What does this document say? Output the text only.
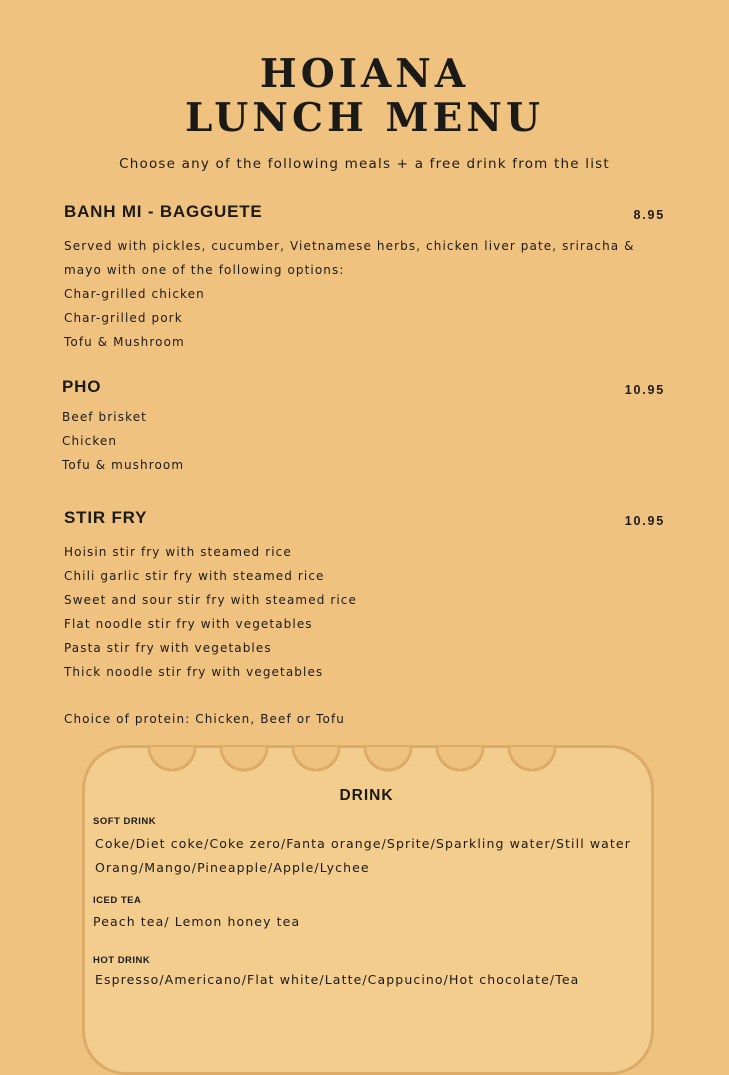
HOIANA
LUNCH MENU
Choose any of the following meals + a free drink from the list
BANH MI - BAGGUETE	8.95
Served with pickles, cucumber, Vietnamese herbs, chicken liver pate, sriracha &
mayo with one of the following options:
Char-grilled chicken
Char-grilled pork
Tofu & Mushroom
PHO	10.95
Beef brisket
Chicken
Tofu & mushroom
STIR FRY	10.95
Hoisin stir fry with steamed rice
Chili garlic stir fry with steamed rice
Sweet and sour stir fry with steamed rice
Flat noodle stir fry with vegetables
Pasta stir fry with vegetables
Thick noodle stir fry with vegetables
Choice of protein: Chicken, Beef or Tofu
DRINK
SOFT DRINK
Coke/Diet coke/Coke zero/Fanta orange/Sprite/Sparkling water/Still water
Orang/Mango/Pineapple/Apple/Lychee
ICED TEA
Peach tea/ Lemon honey tea
HOT DRINK
Espresso/Americano/Flat white/Latte/Cappucino/Hot chocolate/Tea
